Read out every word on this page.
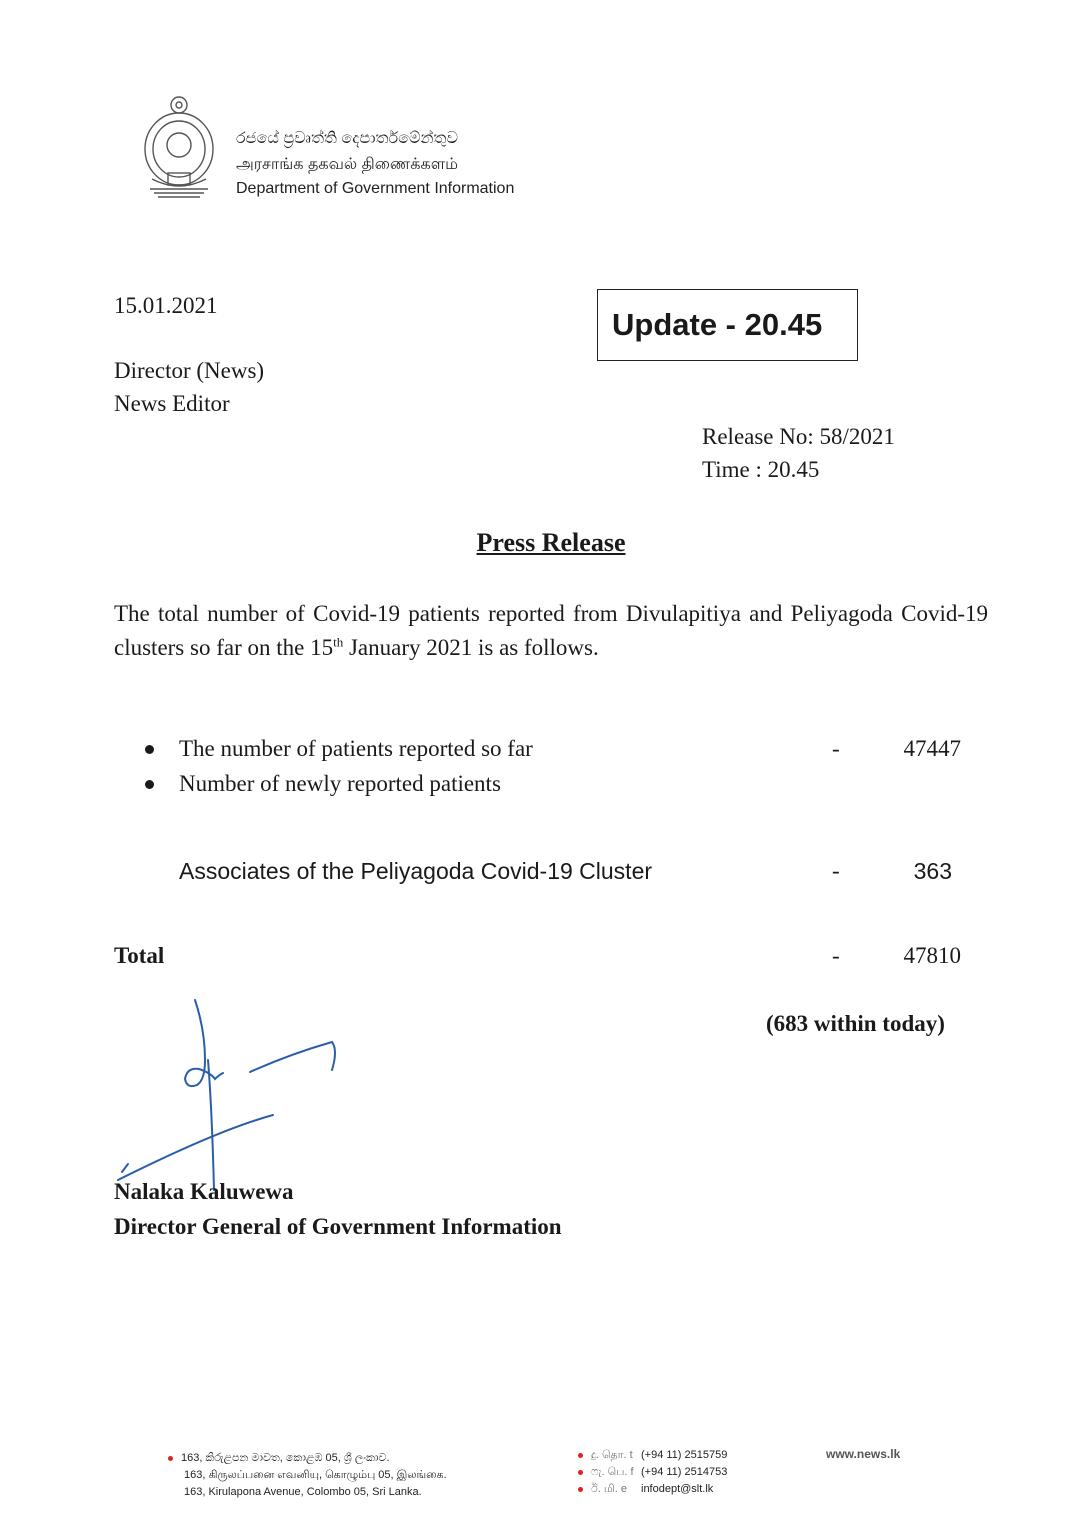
රජයේ ප්‍රවෘත්ති දෙපාර්තමේන්තුව
அரசாங்க தகவல் திணைக்களம்
Department of Government Information
15.01.2021
Update - 20.45
Director (News)
News Editor
Release No: 58/2021
Time : 20.45
Press Release
The total number of Covid-19 patients reported from Divulapitiya and Peliyagoda Covid-19 clusters so far on the 15th January 2021 is as follows.
The number of patients reported so far	-	47447
Number of newly reported patients
Associates of the Peliyagoda Covid-19 Cluster	-	363
Total	-	47810
(683 within today)
Nalaka Kaluwewa
Director General of Government Information
163, කිරුළපන මාවත, කොළඹ 05, ශ්‍රී ලංකාව.
163, கிருலப்பனை எவனியு, கொழும்பு 05, இலங்கை.
163, Kirulapona Avenue, Colombo 05, Sri Lanka.
දු. தொ. t (+94 11) 2515759
ෆැ. பெ. f (+94 11) 2514753
ඊ. மி. e infodept@slt.lk
www.news.lk
